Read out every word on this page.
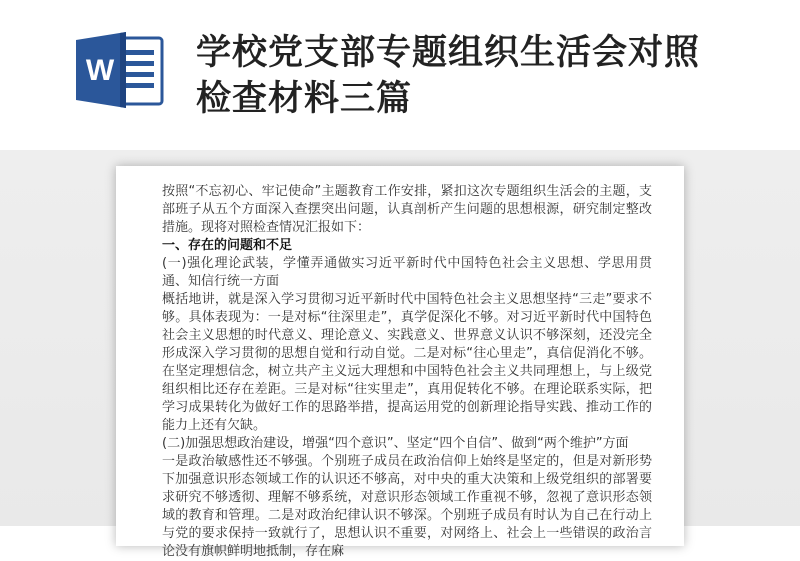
W 学校党支部专题组织生活会对照
检查材料三篇

按照“不忘初心、牢记使命”主题教育工作安排，紧扣这次专题组织生活会的主题，支部班子从五个方面深入查摆突出问题，认真剖析产生问题的思想根源，研究制定整改措施。现将对照检查情况汇报如下：

一、存在的问题和不足

(一)强化理论武装，学懂弄通做实习近平新时代中国特色社会主义思想、学思用贯通、知信行统一方面

概括地讲，就是深入学习贯彻习近平新时代中国特色社会主义思想坚持“三走”要求不够。具体表现为：一是对标“往深里走”，真学促深化不够。对习近平新时代中国特色社会主义思想的时代意义、理论意义、实践意义、世界意义认识不够深刻，还没完全形成深入学习贯彻的思想自觉和行动自觉。二是对标“往心里走”，真信促消化不够。在坚定理想信念，树立共产主义远大理想和中国特色社会主义共同理想上，与上级党组织相比还存在差距。三是对标“往实里走”，真用促转化不够。在理论联系实际，把学习成果转化为做好工作的思路举措，提高运用党的创新理论指导实践、推动工作的能力上还有欠缺。

(二)加强思想政治建设，增强“四个意识”、坚定“四个自信”、做到“两个维护”方面

一是政治敏感性还不够强。个别班子成员在政治信仰上始终是坚定的，但是对新形势下加强意识形态领域工作的认识还不够高，对中央的重大决策和上级党组织的部署要求研究不够透彻、理解不够系统，对意识形态领域工作重视不够，忽视了意识形态领域的教育和管理。二是对政治纪律认识不够深。个别班子成员有时认为自己在行动上与党的要求保持一致就行了，思想认识不重要，对网络上、社会上一些错误的政治言论没有旗帜鲜明地抵制，存在麻
